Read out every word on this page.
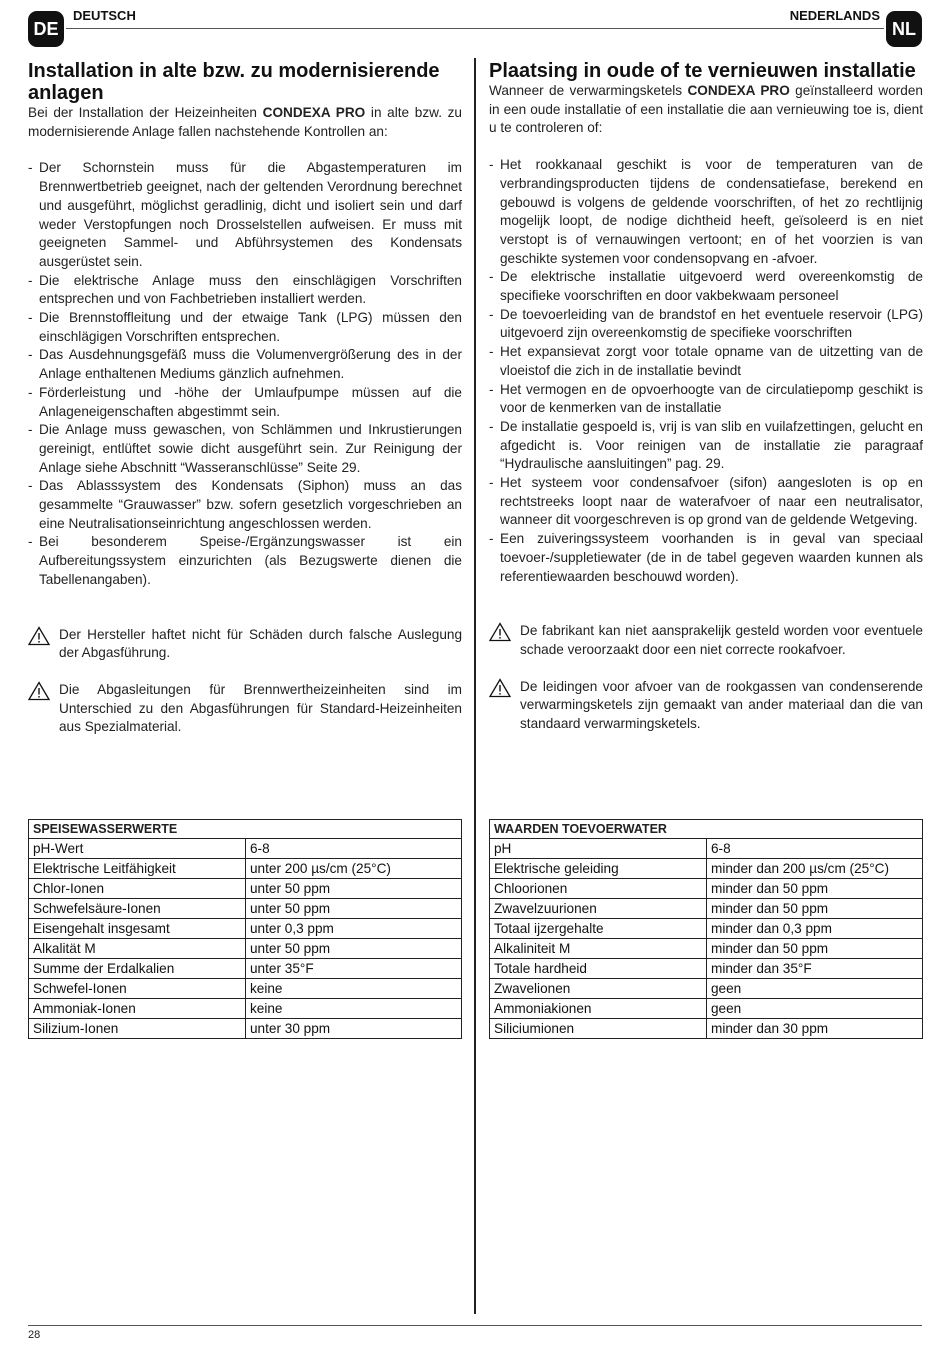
DE
DEUTSCH	NEDERLANDS
NL
Installation in alte bzw. zu modernisierende anlagen

Bei der Installation der Heizeinheiten CONDEXA PRO in alte bzw. zu modernisierende Anlage fallen nachstehende Kontrollen an:

- Der Schornstein muss für die Abgastemperaturen im Brennwertbetrieb geeignet, nach der geltenden Verordnung berechnet und ausgeführt, möglichst geradlinig, dicht und isoliert sein und darf weder Verstopfungen noch Drosselstellen aufweisen. Er muss mit geeigneten Sammel- und Abführsystemen des Kondensats ausgerüstet sein.
- Die elektrische Anlage muss den einschlägigen Vorschriften entsprechen und von Fachbetrieben installiert werden.
- Die Brennstoffleitung und der etwaige Tank (LPG) müssen den einschlägigen Vorschriften entsprechen.
- Das Ausdehnungsgefäß muss die Volumenvergrößerung des in der Anlage enthaltenen Mediums gänzlich aufnehmen.
- Förderleistung und -höhe der Umlaufpumpe müssen auf die Anlageneigenschaften abgestimmt sein.
- Die Anlage muss gewaschen, von Schlämmen und Inkrustierungen gereinigt, entlüftet sowie dicht ausgeführt sein. Zur Reinigung der Anlage siehe Abschnitt “Wasseranschlüsse” Seite 29.
- Das Ablasssystem des Kondensats (Siphon) muss an das gesammelte “Grauwasser” bzw. sofern gesetzlich vorgeschrieben an eine Neutralisationseinrichtung angeschlossen werden.
- Bei besonderem Speise-/Ergänzungswasser ist ein Aufbereitungssystem einzurichten (als Bezugswerte dienen die Tabellenangaben).
Der Hersteller haftet nicht für Schäden durch falsche Auslegung der Abgasführung.
Die Abgasleitungen für Brennwertheizeinheiten sind im Unterschied zu den Abgasführungen für Standard-Heizeinheiten aus Spezialmaterial.
Plaatsing in oude of te vernieuwen installatie

Wanneer de verwarmingsketels CONDEXA PRO geïnstalleerd worden in een oude installatie of een installatie die aan vernieuwing toe is, dient u te controleren of:

- Het rookkanaal geschikt is voor de temperaturen van de verbrandingsproducten tijdens de condensatiefase, berekend en gebouwd is volgens de geldende voorschriften, of het zo rechtlijnig mogelijk loopt, de nodige dichtheid heeft, geïsoleerd is en niet verstopt is of vernauwingen vertoont; en of het voorzien is van geschikte systemen voor condensopvang en -afvoer.
- De elektrische installatie uitgevoerd werd overeenkomstig de specifieke voorschriften en door vakbekwaam personeel
- De toevoerleiding van de brandstof en het eventuele reservoir (LPG) uitgevoerd zijn overeenkomstig de specifieke voorschriften
- Het expansievat zorgt voor totale opname van de uitzetting van de vloeistof die zich in de installatie bevindt
- Het vermogen en de opvoerhoogte van de circulatiepomp geschikt is voor de kenmerken van de installatie
- De installatie gespoeld is, vrij is van slib en vuilafzettingen, gelucht en afgedicht is. Voor reinigen van de installatie zie paragraaf “Hydraulische aansluitingen” pag. 29.
- Het systeem voor condensafvoer (sifon) aangesloten is op en rechtstreeks loopt naar de waterafvoer of naar een neutralisator, wanneer dit voorgeschreven is op grond van de geldende Wetgeving.
- Een zuiveringssysteem voorhanden is in geval van speciaal toevoer-/suppletiewater (de in de tabel gegeven waarden kunnen als referentiewaarden beschouwd worden).
De fabrikant kan niet aansprakelijk gesteld worden voor eventuele schade veroorzaakt door een niet correcte rookafvoer.
De leidingen voor afvoer van de rookgassen van condenserende verwarmingsketels zijn gemaakt van ander materiaal dan die van standaard verwarmingsketels.
SPEISEWASSERWERTE	
pH-Wert	6-8
Elektrische Leitfähigkeit	unter 200 µs/cm (25°C)
Chlor-Ionen	unter 50 ppm
Schwefelsäure-Ionen	unter 50 ppm
Eisengehalt insgesamt	unter 0,3 ppm
Alkalität M	unter 50 ppm
Summe der Erdalkalien	unter 35°F
Schwefel-Ionen	keine
Ammoniak-Ionen	keine
Silizium-Ionen	unter 30 ppm
WAARDEN TOEVOERWATER	
pH	6-8
Elektrische geleiding	minder dan 200 µs/cm (25°C)
Chloorionen	minder dan 50 ppm
Zwavelzuurionen	minder dan 50 ppm
Totaal ijzergehalte	minder dan 0,3 ppm
Alkaliniteit M	minder dan 50 ppm
Totale hardheid	minder dan 35°F
Zwavelionen	geen
Ammoniakionen	geen
Siliciumionen	minder dan 30 ppm
28
